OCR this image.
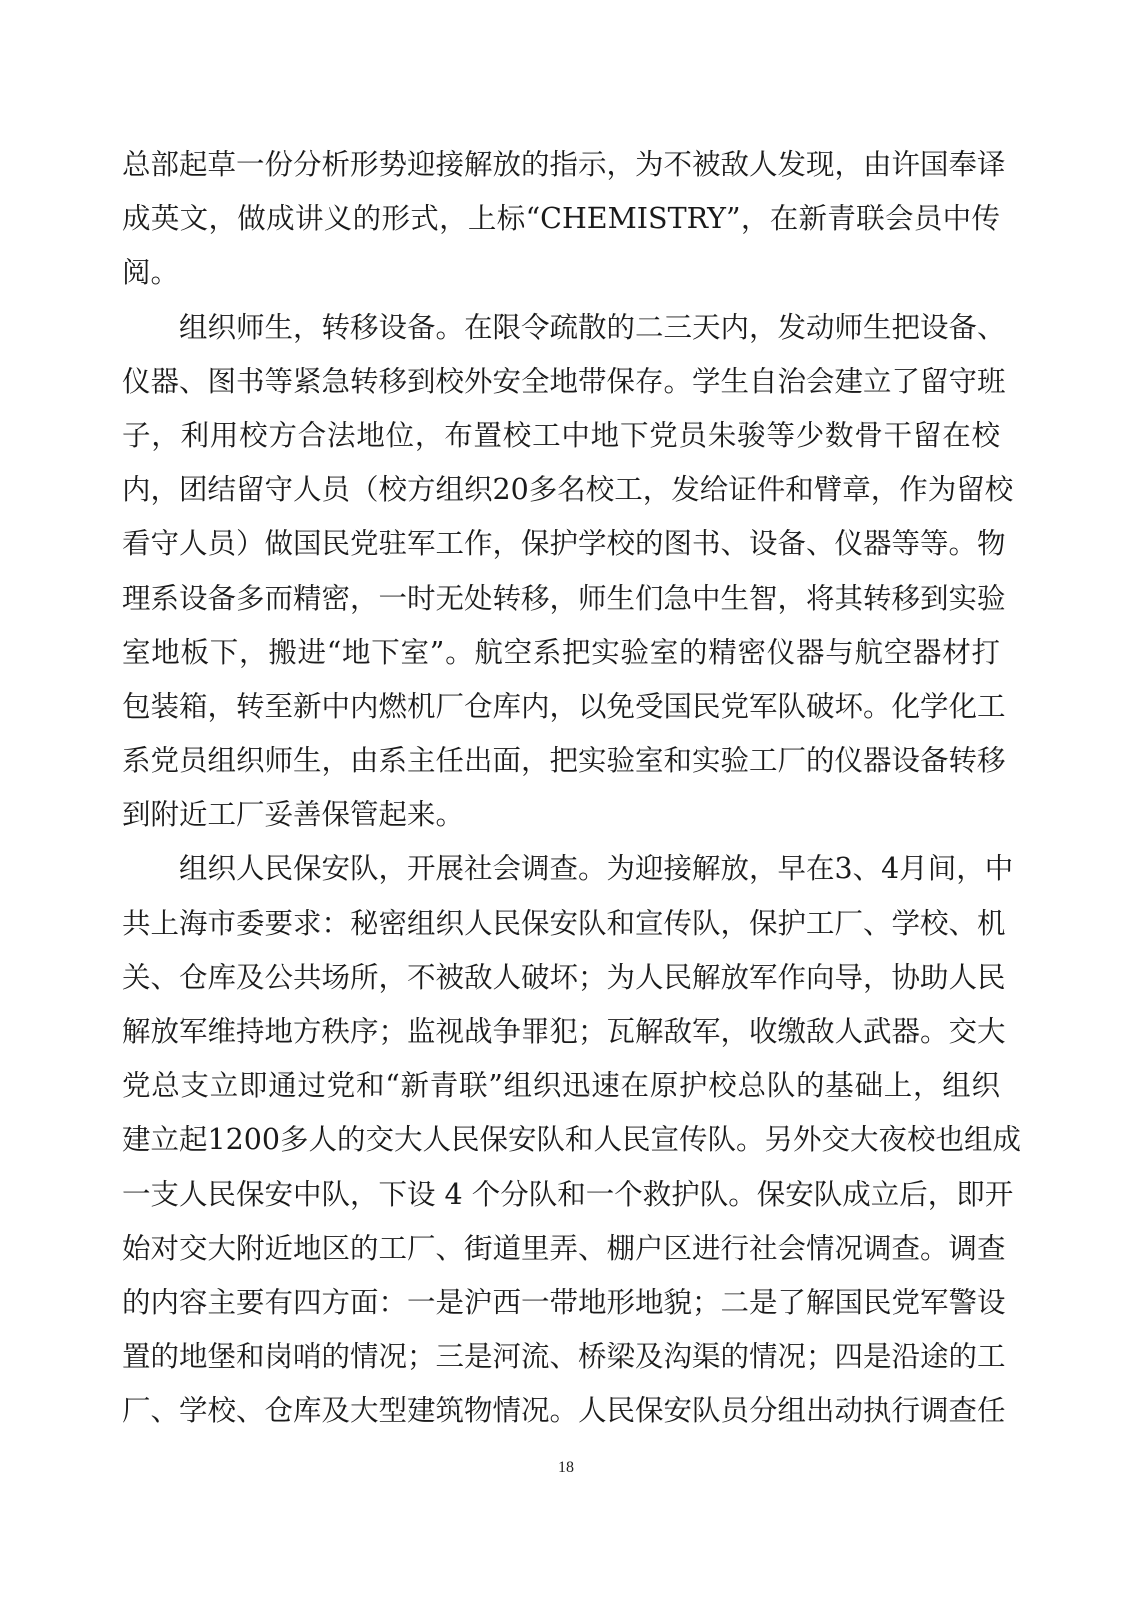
总部起草一份分析形势迎接解放的指示，为不被敌人发现，由许国奉译
成英文，做成讲义的形式，上标“CHEMISTRY”，在新青联会员中传
阅。
组织师生，转移设备。在限令疏散的二三天内，发动师生把设备、
仪器、图书等紧急转移到校外安全地带保存。学生自治会建立了留守班
子，利用校方合法地位，布置校工中地下党员朱骏等少数骨干留在校
内，团结留守人员（校方组织20多名校工，发给证件和臂章，作为留校
看守人员）做国民党驻军工作，保护学校的图书、设备、仪器等等。物
理系设备多而精密，一时无处转移，师生们急中生智，将其转移到实验
室地板下，搬进“地下室”。航空系把实验室的精密仪器与航空器材打
包装箱，转至新中内燃机厂仓库内，以免受国民党军队破坏。化学化工
系党员组织师生，由系主任出面，把实验室和实验工厂的仪器设备转移
到附近工厂妥善保管起来。
组织人民保安队，开展社会调查。为迎接解放，早在3、4月间，中
共上海市委要求：秘密组织人民保安队和宣传队，保护工厂、学校、机
关、仓库及公共场所，不被敌人破坏；为人民解放军作向导，协助人民
解放军维持地方秩序；监视战争罪犯；瓦解敌军，收缴敌人武器。交大
党总支立即通过党和“新青联”组织迅速在原护校总队的基础上，组织
建立起1200多人的交大人民保安队和人民宣传队。另外交大夜校也组成
一支人民保安中队，下设 4 个分队和一个救护队。保安队成立后，即开
始对交大附近地区的工厂、街道里弄、棚户区进行社会情况调查。调查
的内容主要有四方面：一是沪西一带地形地貌；二是了解国民党军警设
置的地堡和岗哨的情况；三是河流、桥梁及沟渠的情况；四是沿途的工
厂、学校、仓库及大型建筑物情况。人民保安队员分组出动执行调查任
18
